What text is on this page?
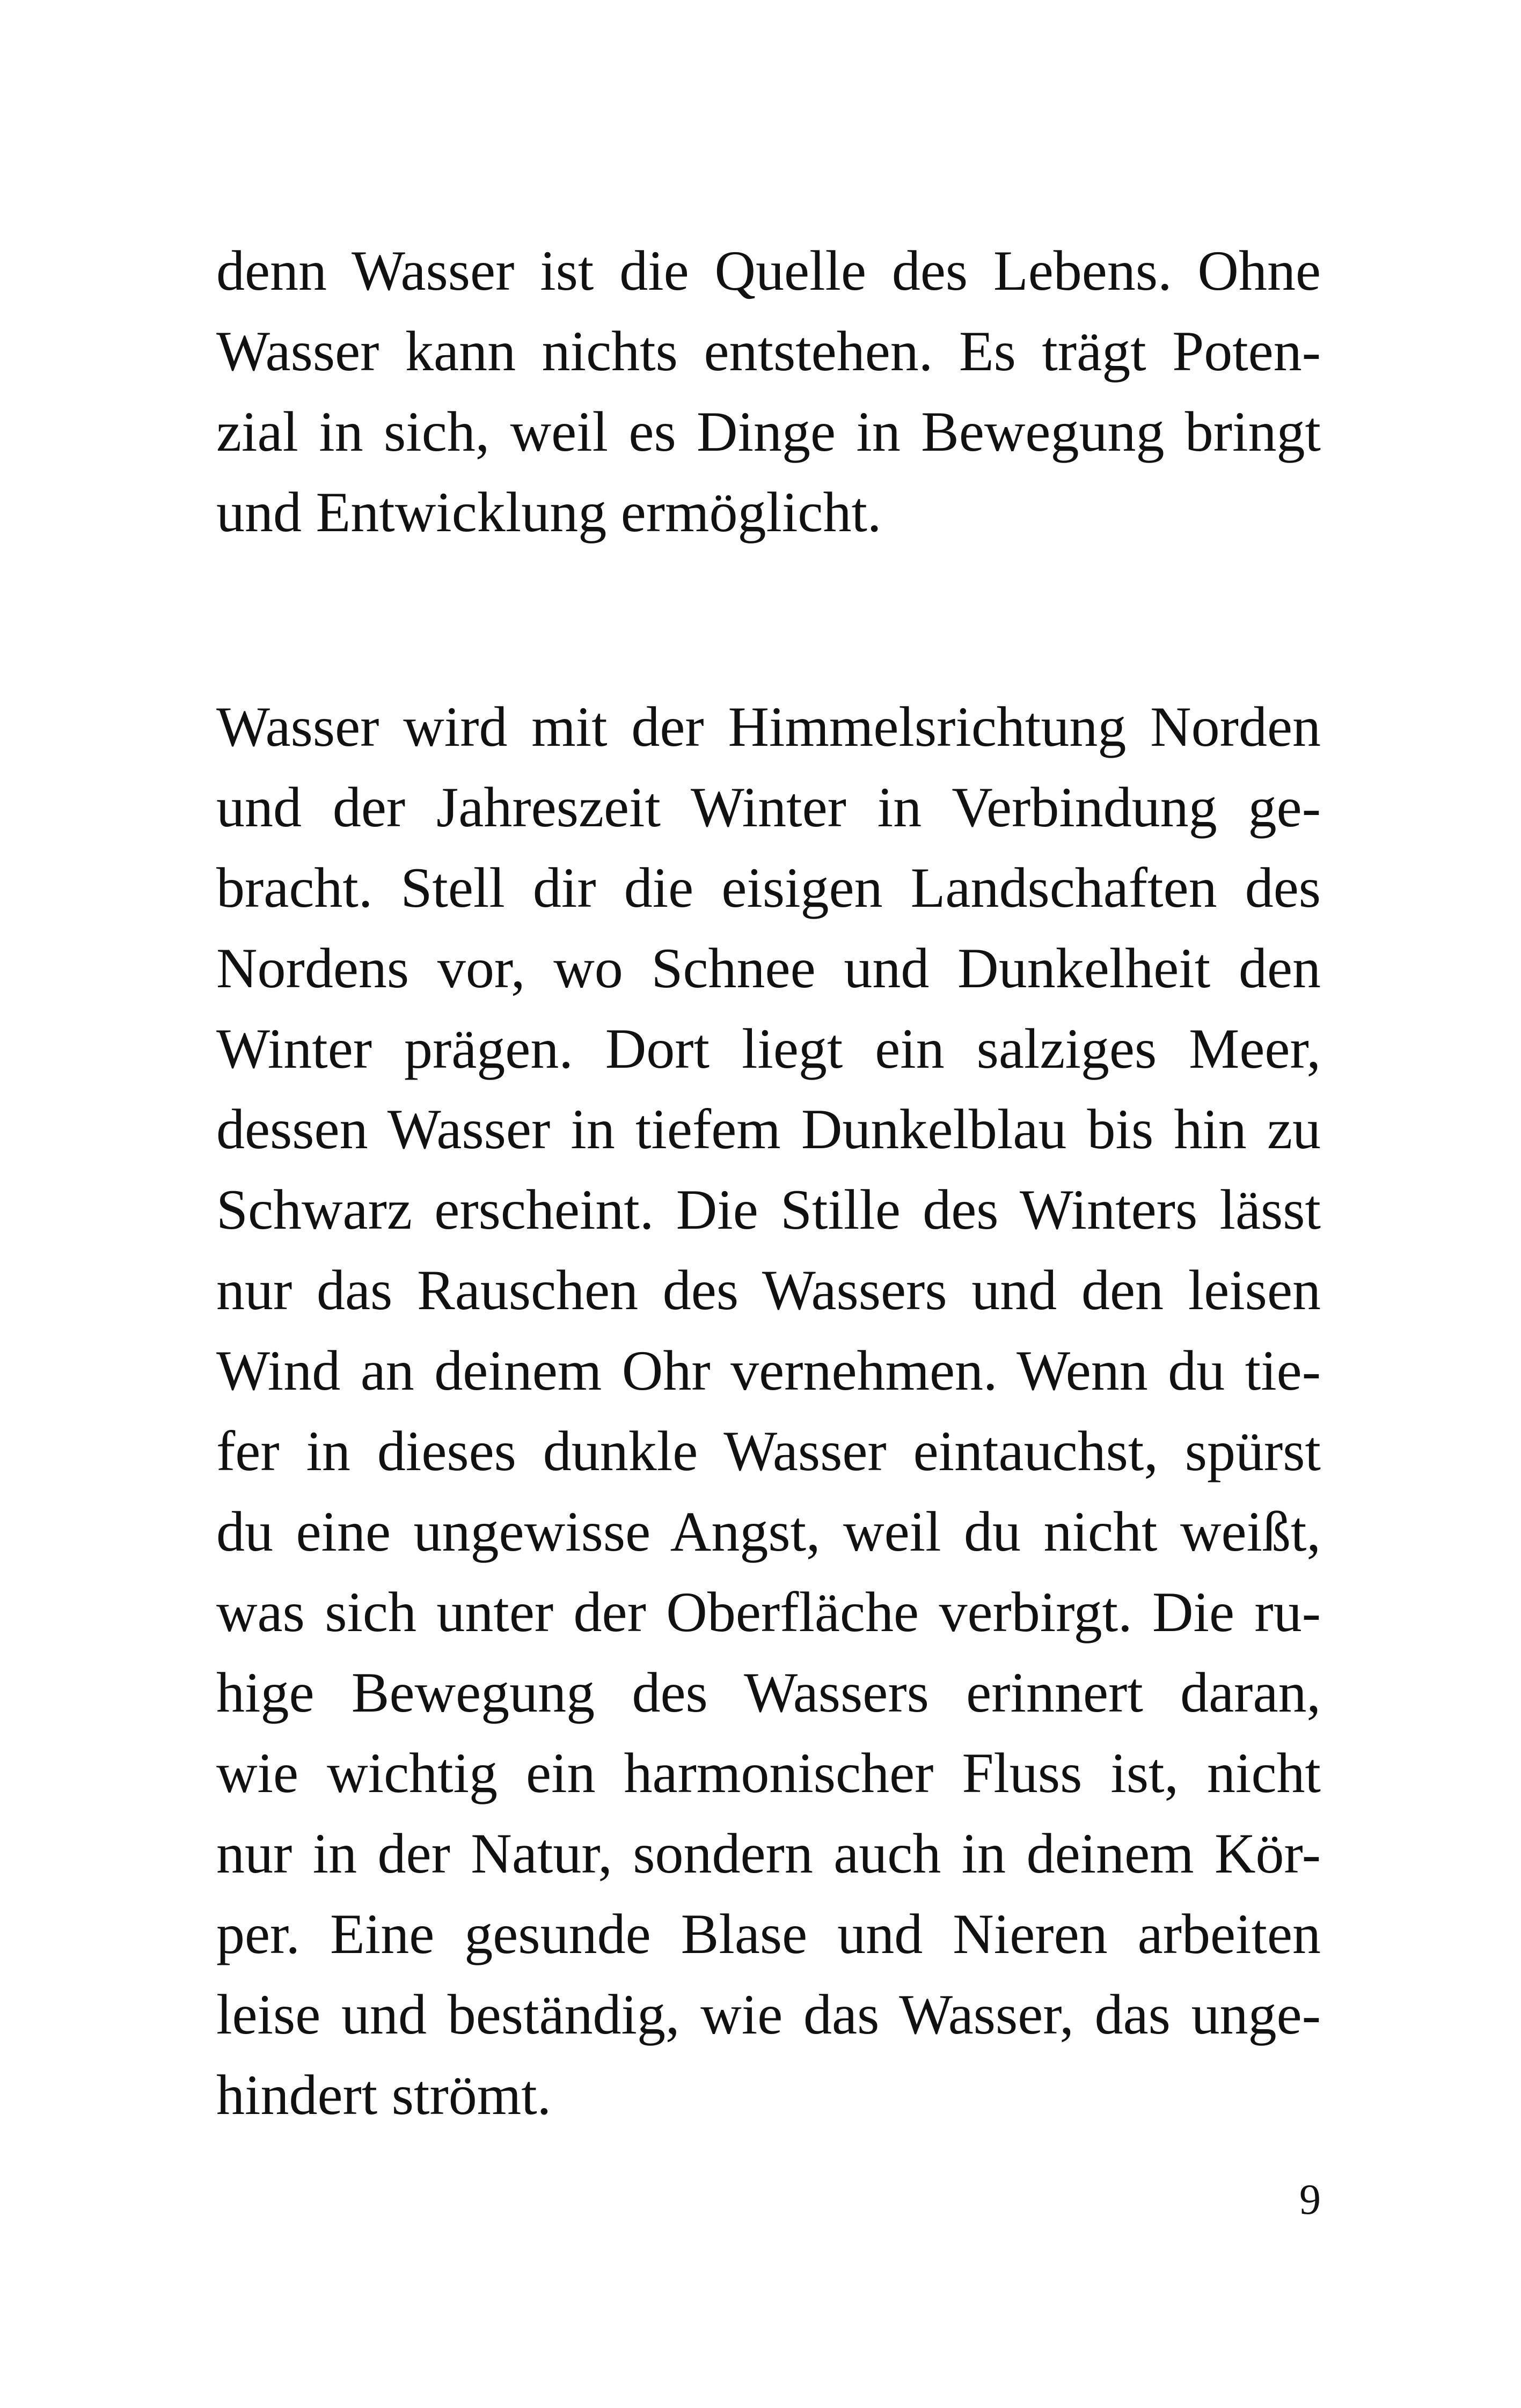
denn Wasser ist die Quelle des Lebens. Ohne
Wasser kann nichts entstehen. Es trägt Poten-
zial in sich, weil es Dinge in Bewegung bringt
und Entwicklung ermöglicht.
Wasser wird mit der Himmelsrichtung Norden
und der Jahreszeit Winter in Verbindung ge-
bracht. Stell dir die eisigen Landschaften des
Nordens vor, wo Schnee und Dunkelheit den
Winter prägen. Dort liegt ein salziges Meer,
dessen Wasser in tiefem Dunkelblau bis hin zu
Schwarz erscheint. Die Stille des Winters lässt
nur das Rauschen des Wassers und den leisen
Wind an deinem Ohr vernehmen. Wenn du tie-
fer in dieses dunkle Wasser eintauchst, spürst
du eine ungewisse Angst, weil du nicht weißt,
was sich unter der Oberfläche verbirgt. Die ru-
hige Bewegung des Wassers erinnert daran,
wie wichtig ein harmonischer Fluss ist, nicht
nur in der Natur, sondern auch in deinem Kör-
per. Eine gesunde Blase und Nieren arbeiten
leise und beständig, wie das Wasser, das unge-
hindert strömt.
9
